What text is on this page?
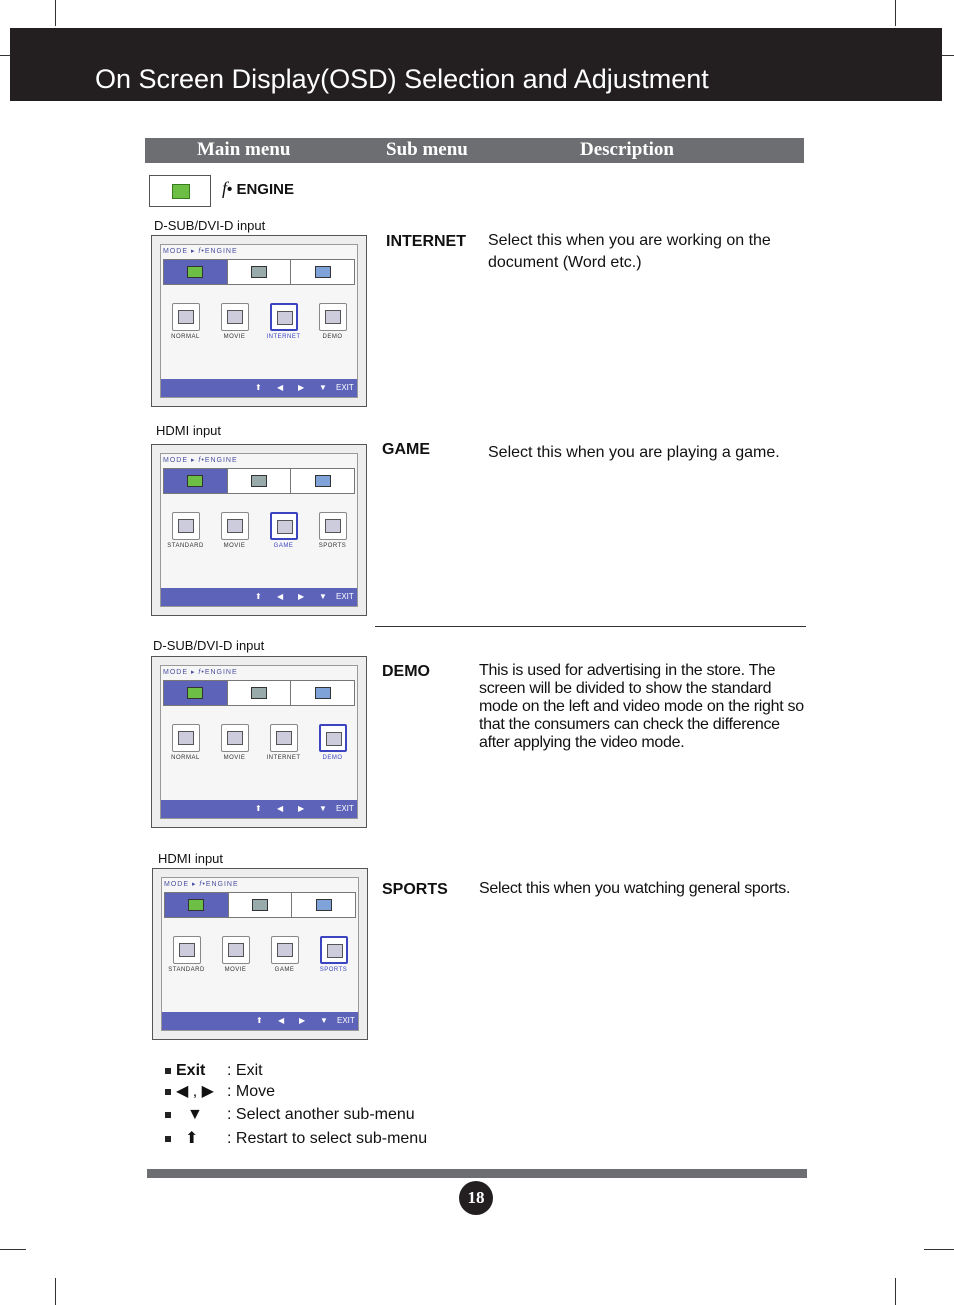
On Screen Display(OSD) Selection and Adjustment
Main menu	Sub menu	Description
f• ENGINE
D-SUB/DVI-D input
MODE ▸ f•ENGINE
NORMAL	MOVIE	INTERNET	DEMO
⬆ ◀ ▶ ▼ EXIT
INTERNET Select this when you are working on the document (Word etc.)
HDMI input
MODE ▸ f•ENGINE
STANDARD	MOVIE	GAME	SPORTS
⬆ ◀ ▶ ▼ EXIT
GAME	Select this when you are playing a game.
D-SUB/DVI-D input
MODE ▸ f•ENGINE
NORMAL	MOVIE	INTERNET	DEMO
⬆ ◀ ▶ ▼ EXIT
DEMO	This is used for advertising in the store. The screen will be divided to show the standard mode on the left and video mode on the right so that the consumers can check the difference after applying the video mode.
HDMI input
MODE ▸ f•ENGINE
STANDARD	MOVIE	GAME	SPORTS
⬆ ◀ ▶ ▼ EXIT
SPORTS Select this when you watching general sports.
Exit : Exit
◀ , ▶ : Move
▼ : Select another sub-menu
⬆ : Restart to select sub-menu
18
